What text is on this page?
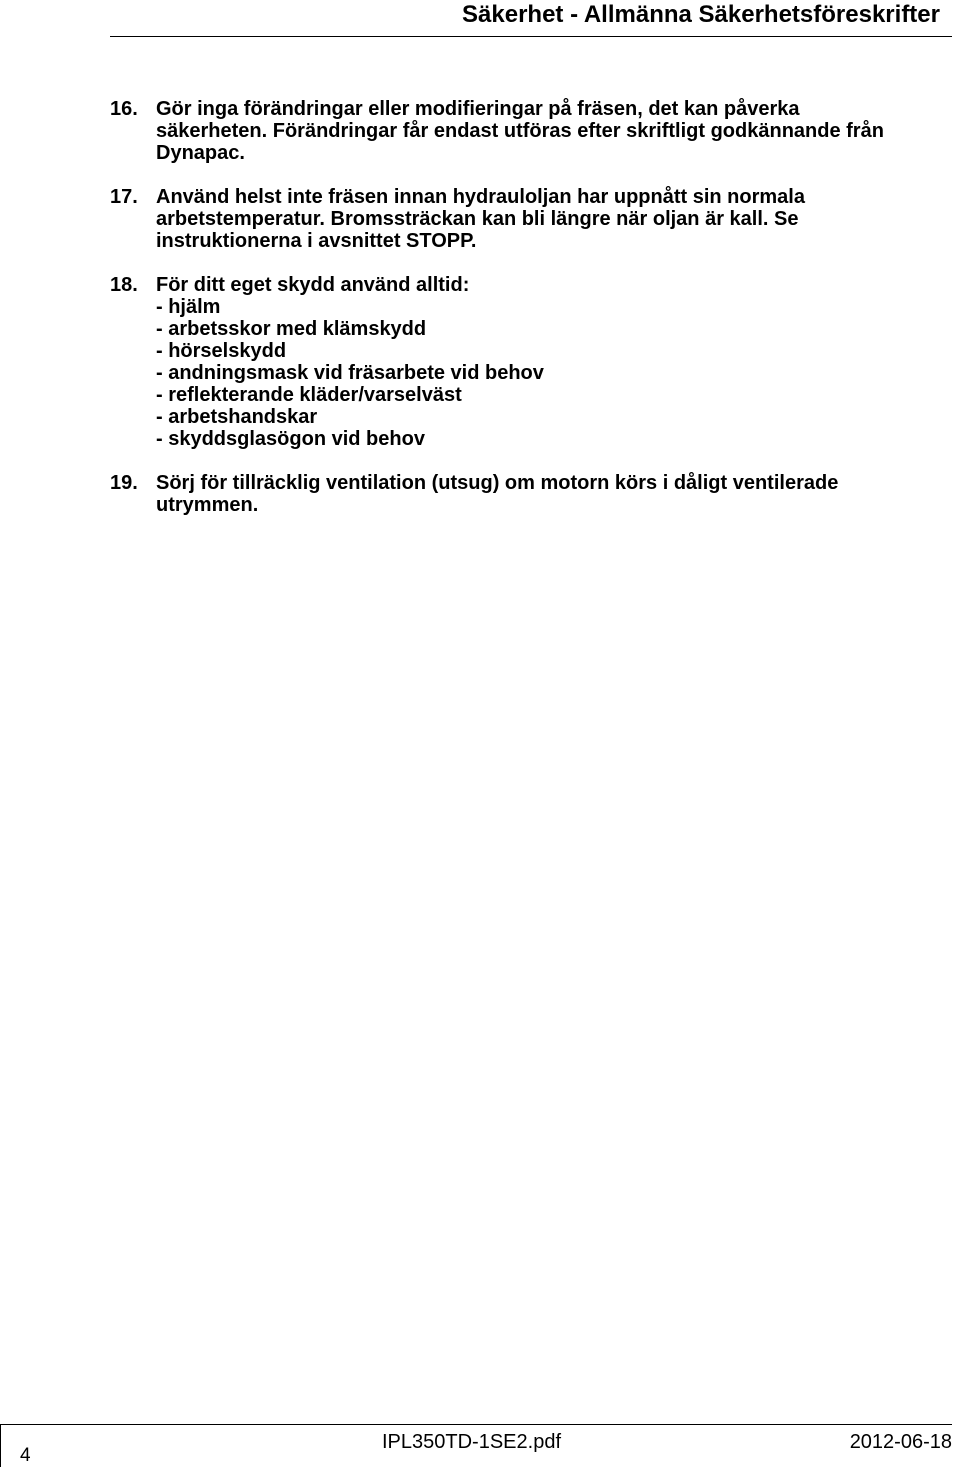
Säkerhet - Allmänna Säkerhetsföreskrifter
16. Gör inga förändringar eller modifieringar på fräsen, det kan påverka
säkerheten. Förändringar får endast utföras efter skriftligt godkännande från
Dynapac.
17. Använd helst inte fräsen innan hydrauloljan har uppnått sin normala
arbetstemperatur. Bromssträckan kan bli längre när oljan är kall. Se
instruktionerna i avsnittet STOPP.
18. För ditt eget skydd använd alltid:
- hjälm
- arbetsskor med klämskydd
- hörselskydd
- andningsmask vid fräsarbete vid behov
- reflekterande kläder/varselväst
- arbetshandskar
- skyddsglasögon vid behov
19. Sörj för tillräcklig ventilation (utsug) om motorn körs i dåligt ventilerade
utrymmen.
4
IPL350TD-1SE2.pdf	2012-06-18
